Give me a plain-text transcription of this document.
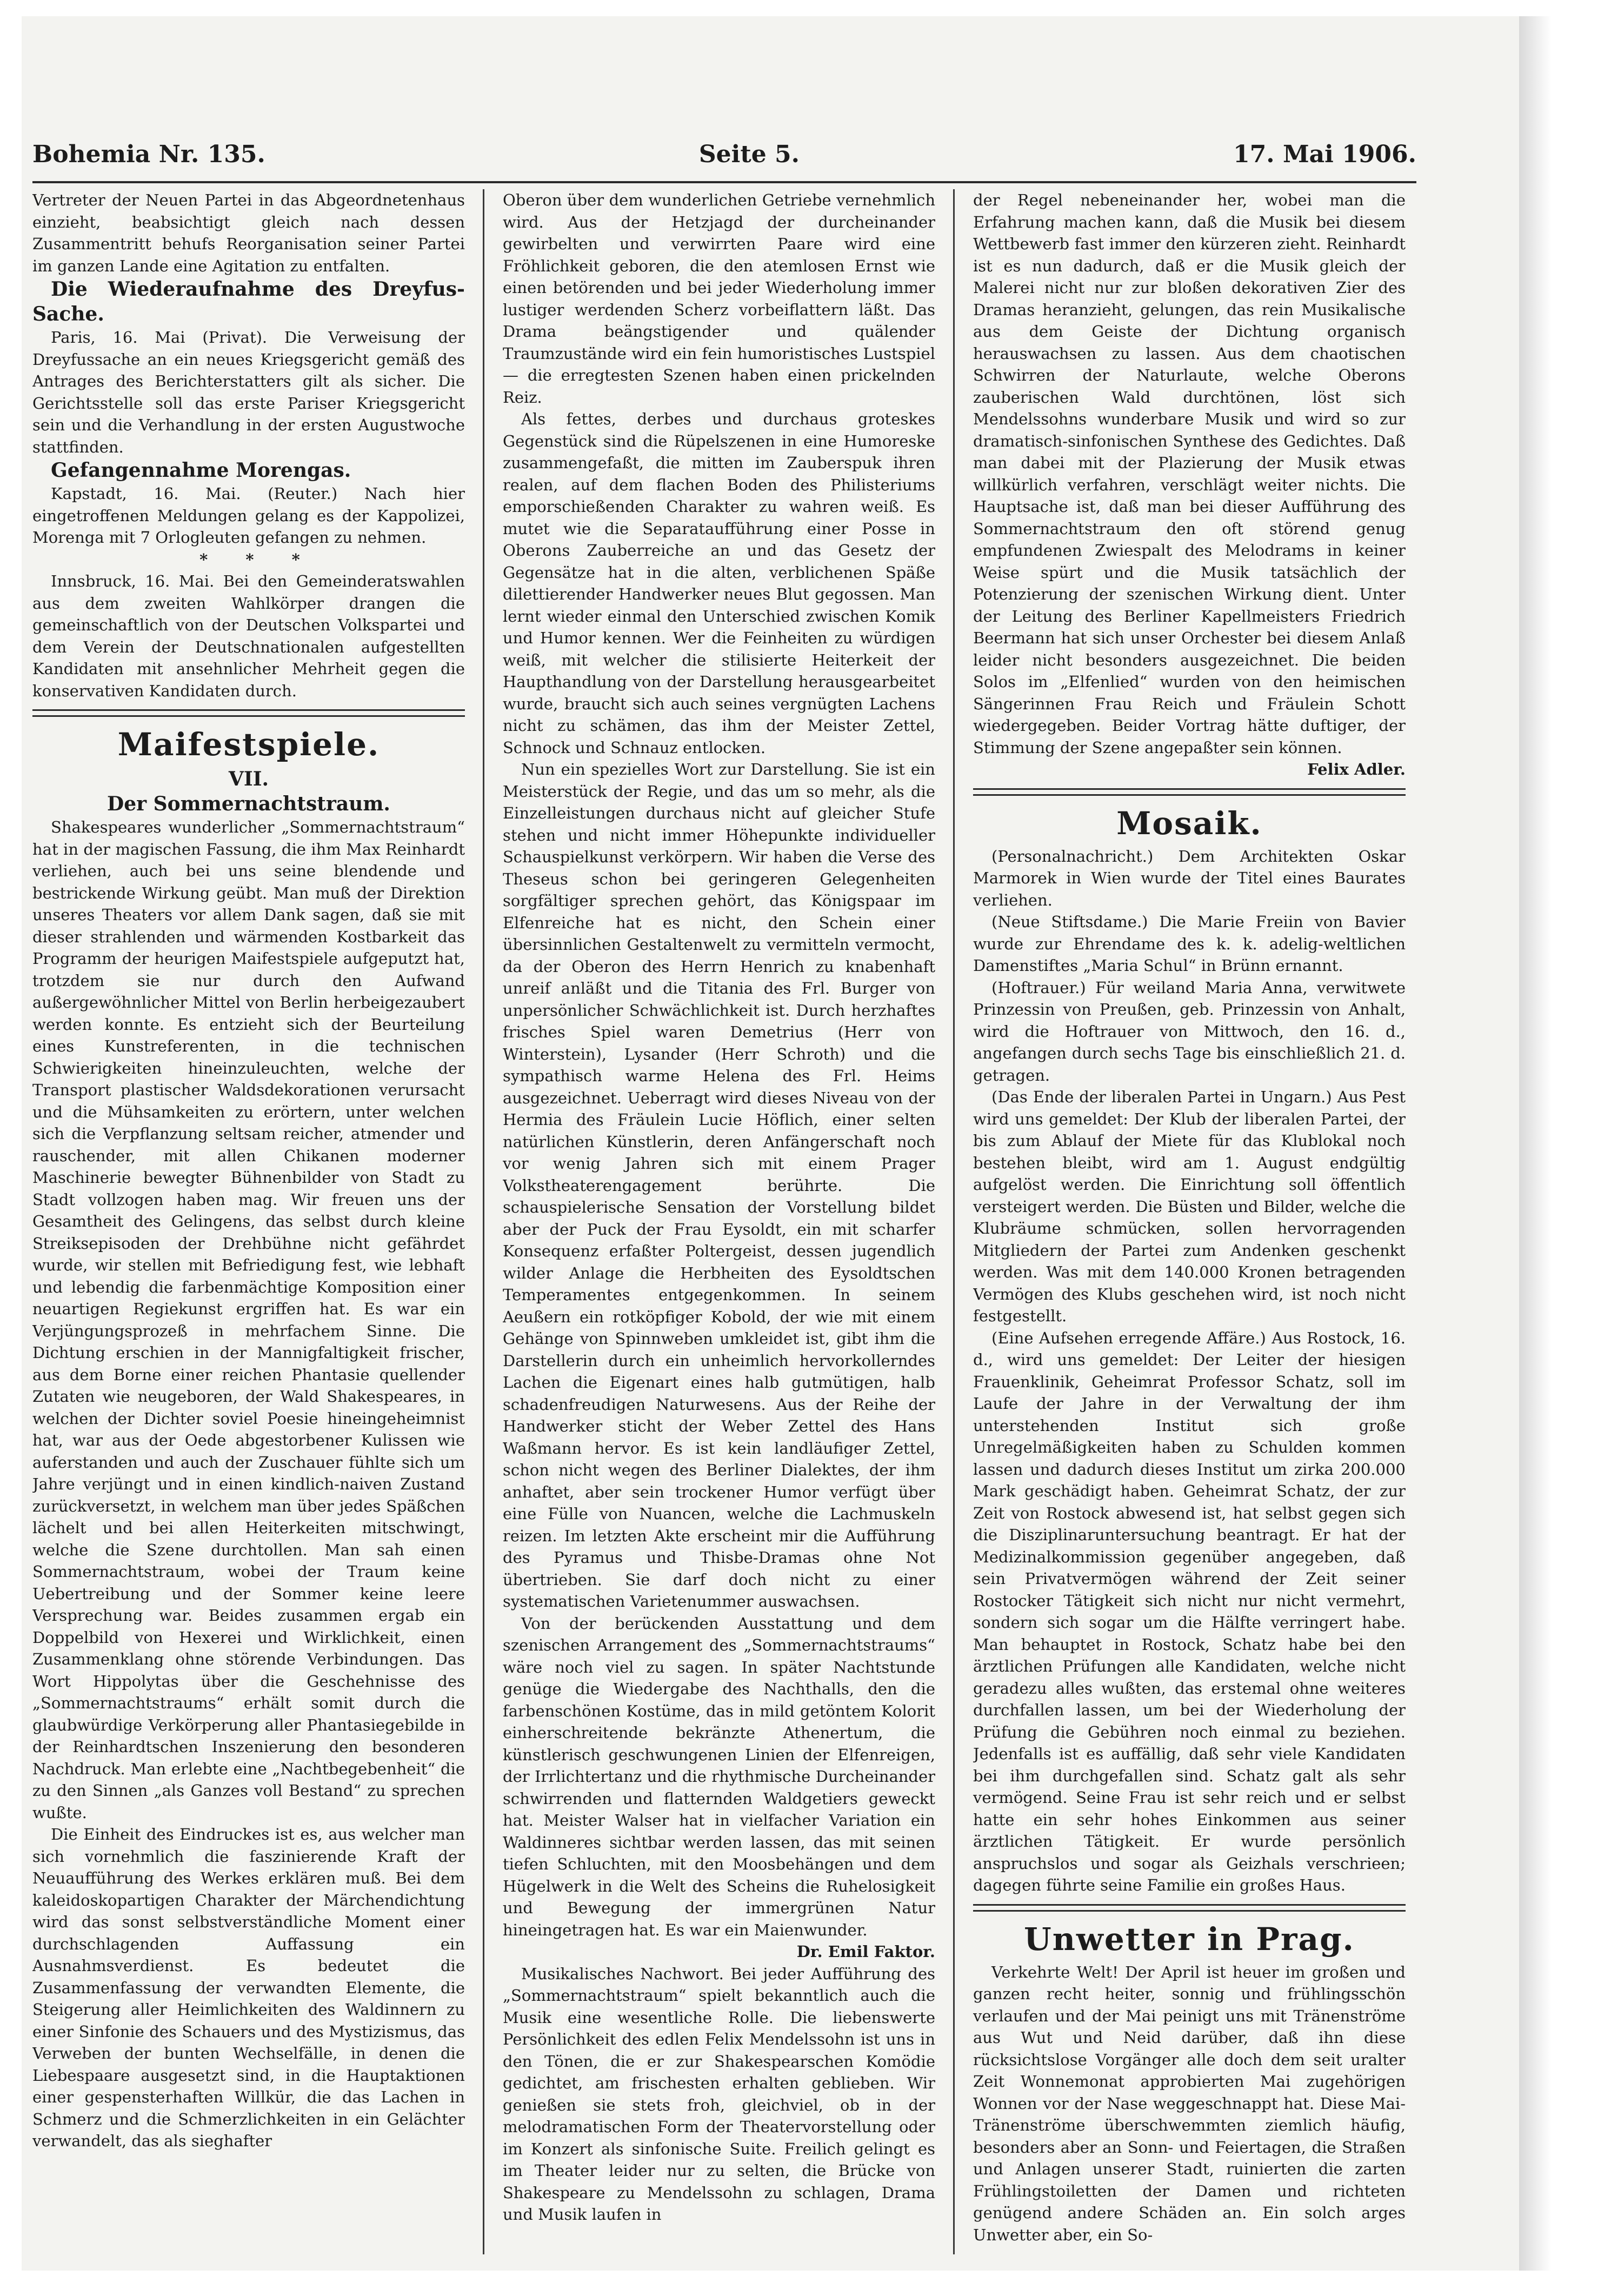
Bohemia Nr. 135.	Seite 5.	17. Mai 1906.

Vertreter der Neuen Partei in das Abgeordnetenhaus einzieht, beabsichtigt gleich nach dessen Zusammentritt behufs Reorganisation seiner Partei im ganzen Lande eine Agitation zu entfalten.

Die Wiederaufnahme des Dreyfus-Sache.

Paris, 16. Mai (Privat). Die Verweisung der Dreyfussache an ein neues Kriegsgericht gemäß des Antrages des Berichterstatters gilt als sicher. Die Gerichtsstelle soll das erste Pariser Kriegsgericht sein und die Verhandlung in der ersten Augustwoche stattfinden.

Gefangennahme Morengas.

Kapstadt, 16. Mai. (Reuter.) Nach hier eingetroffenen Meldungen gelang es der Kappolizei, Morenga mit 7 Orlogleuten gefangen zu nehmen.

* * *

Innsbruck, 16. Mai. Bei den Gemeinderatswahlen aus dem zweiten Wahlkörper drangen die gemeinschaftlich von der Deutschen Volkspartei und dem Verein der Deutschnationalen aufgestellten Kandidaten mit ansehnlicher Mehrheit gegen die konservativen Kandidaten durch.

Maifestspiele.
VII.
Der Sommernachtstraum.

Shakespeares wunderlicher „Sommernachtstraum“ hat in der magischen Fassung, die ihm Max Reinhardt verliehen, auch bei uns seine blendende und bestrickende Wirkung geübt. Man muß der Direktion unseres Theaters vor allem Dank sagen, daß sie mit dieser strahlenden und wärmenden Kostbarkeit das Programm der heurigen Maifestspiele aufgeputzt hat, trotzdem sie nur durch den Aufwand außergewöhnlicher Mittel von Berlin herbeigezaubert werden konnte. Es entzieht sich der Beurteilung eines Kunstreferenten, in die technischen Schwierigkeiten hineinzuleuchten, welche der Transport plastischer Waldsdekorationen verursacht und die Mühsamkeiten zu erörtern, unter welchen sich die Verpflanzung seltsam reicher, atmender und rauschender, mit allen Chikanen moderner Maschinerie bewegter Bühnenbilder von Stadt zu Stadt vollzogen haben mag. Wir freuen uns der Gesamtheit des Gelingens, das selbst durch kleine Streiksepisoden der Drehbühne nicht gefährdet wurde, wir stellen mit Befriedigung fest, wie lebhaft und lebendig die farbenmächtige Komposition einer neuartigen Regiekunst ergriffen hat. Es war ein Verjüngungsprozeß in mehrfachem Sinne. Die Dichtung erschien in der Mannigfaltigkeit frischer, aus dem Borne einer reichen Phantasie quellender Zutaten wie neugeboren, der Wald Shakespeares, in welchen der Dichter soviel Poesie hineingeheimnist hat, war aus der Oede abgestorbener Kulissen wie auferstanden und auch der Zuschauer fühlte sich um Jahre verjüngt und in einen kindlich-naiven Zustand zurückversetzt, in welchem man über jedes Späßchen lächelt und bei allen Heiterkeiten mitschwingt, welche die Szene durchtollen. Man sah einen Sommernachtstraum, wobei der Traum keine Uebertreibung und der Sommer keine leere Versprechung war. Beides zusammen ergab ein Doppelbild von Hexerei und Wirklichkeit, einen Zusammenklang ohne störende Verbindungen. Das Wort Hippolytas über die Geschehnisse des „Sommernachtstraums“ erhält somit durch die glaubwürdige Verkörperung aller Phantasiegebilde in der Reinhardtschen Inszenierung den besonderen Nachdruck. Man erlebte eine „Nachtbegebenheit“ die zu den Sinnen „als Ganzes voll Bestand“ zu sprechen wußte.

Die Einheit des Eindruckes ist es, aus welcher man sich vornehmlich die faszinierende Kraft der Neuaufführung des Werkes erklären muß. Bei dem kaleidoskopartigen Charakter der Märchendichtung wird das sonst selbstverständliche Moment einer durchschlagenden Auffassung ein Ausnahmsverdienst. Es bedeutet die Zusammenfassung der verwandten Elemente, die Steigerung aller Heimlichkeiten des Waldinnern zu einer Sinfonie des Schauers und des Mystizismus, das Verweben der bunten Wechselfälle, in denen die Liebespaare ausgesetzt sind, in die Hauptaktionen einer gespensterhaften Willkür, die das Lachen in Schmerz und die Schmerzlichkeiten in ein Gelächter verwandelt, das als sieghafter

Oberon über dem wunderlichen Getriebe vernehmlich wird. Aus der Hetzjagd der durcheinander gewirbelten und verwirrten Paare wird eine Fröhlichkeit geboren, die den atemlosen Ernst wie einen betörenden und bei jeder Wiederholung immer lustiger werdenden Scherz vorbeiflattern läßt. Das Drama beängstigender und quälender Traumzustände wird ein fein humoristisches Lustspiel — die erregtesten Szenen haben einen prickelnden Reiz.

Als fettes, derbes und durchaus groteskes Gegenstück sind die Rüpelszenen in eine Humoreske zusammengefaßt, die mitten im Zauberspuk ihren realen, auf dem flachen Boden des Philisteriums emporschießenden Charakter zu wahren weiß. Es mutet wie die Separataufführung einer Posse in Oberons Zauberreiche an und das Gesetz der Gegensätze hat in die alten, verblichenen Späße dilettierender Handwerker neues Blut gegossen. Man lernt wieder einmal den Unterschied zwischen Komik und Humor kennen. Wer die Feinheiten zu würdigen weiß, mit welcher die stilisierte Heiterkeit der Haupthandlung von der Darstellung herausgearbeitet wurde, braucht sich auch seines vergnügten Lachens nicht zu schämen, das ihm der Meister Zettel, Schnock und Schnauz entlocken.

Nun ein spezielles Wort zur Darstellung. Sie ist ein Meisterstück der Regie, und das um so mehr, als die Einzelleistungen durchaus nicht auf gleicher Stufe stehen und nicht immer Höhepunkte individueller Schauspielkunst verkörpern. Wir haben die Verse des Theseus schon bei geringeren Gelegenheiten sorgfältiger sprechen gehört, das Königspaar im Elfenreiche hat es nicht, den Schein einer übersinnlichen Gestaltenwelt zu vermitteln vermocht, da der Oberon des Herrn Henrich zu knabenhaft unreif anläßt und die Titania des Frl. Burger von unpersönlicher Schwächlichkeit ist. Durch herzhaftes frisches Spiel waren Demetrius (Herr von Winterstein), Lysander (Herr Schroth) und die sympathisch warme Helena des Frl. Heims ausgezeichnet. Ueberragt wird dieses Niveau von der Hermia des Fräulein Lucie Höflich, einer selten natürlichen Künstlerin, deren Anfängerschaft noch vor wenig Jahren sich mit einem Prager Volkstheaterengagement berührte. Die schauspielerische Sensation der Vorstellung bildet aber der Puck der Frau Eysoldt, ein mit scharfer Konsequenz erfaßter Poltergeist, dessen jugendlich wilder Anlage die Herbheiten des Eysoldtschen Temperamentes entgegenkommen. In seinem Aeußern ein rotköpfiger Kobold, der wie mit einem Gehänge von Spinnweben umkleidet ist, gibt ihm die Darstellerin durch ein unheimlich hervorkollerndes Lachen die Eigenart eines halb gutmütigen, halb schadenfreudigen Naturwesens. Aus der Reihe der Handwerker sticht der Weber Zettel des Hans Waßmann hervor. Es ist kein landläufiger Zettel, schon nicht wegen des Berliner Dialektes, der ihm anhaftet, aber sein trockener Humor verfügt über eine Fülle von Nuancen, welche die Lachmuskeln reizen. Im letzten Akte erscheint mir die Aufführung des Pyramus und Thisbe-Dramas ohne Not übertrieben. Sie darf doch nicht zu einer systematischen Varietenummer auswachsen.

Von der berückenden Ausstattung und dem szenischen Arrangement des „Sommernachtstraums“ wäre noch viel zu sagen. In später Nachtstunde genüge die Wiedergabe des Nachthalls, den die farbenschönen Kostüme, das in mild getöntem Kolorit einherschreitende bekränzte Athenertum, die künstlerisch geschwungenen Linien der Elfenreigen, der Irrlichtertanz und die rhythmische Durcheinander schwirrenden und flatternden Waldgetiers geweckt hat. Meister Walser hat in vielfacher Variation ein Waldinneres sichtbar werden lassen, das mit seinen tiefen Schluchten, mit den Moosbehängen und dem Hügelwerk in die Welt des Scheins die Ruhelosigkeit und Bewegung der immergrünen Natur hineingetragen hat. Es war ein Maienwunder.

Dr. Emil Faktor.

Musikalisches Nachwort. Bei jeder Aufführung des „Sommernachtstraum“ spielt bekanntlich auch die Musik eine wesentliche Rolle. Die liebenswerte Persönlichkeit des edlen Felix Mendelssohn ist uns in den Tönen, die er zur Shakespearschen Komödie gedichtet, am frischesten erhalten geblieben. Wir genießen sie stets froh, gleichviel, ob in der melodramatischen Form der Theatervorstellung oder im Konzert als sinfonische Suite. Freilich gelingt es im Theater leider nur zu selten, die Brücke von Shakespeare zu Mendelssohn zu schlagen, Drama und Musik laufen in

der Regel nebeneinander her, wobei man die Erfahrung machen kann, daß die Musik bei diesem Wettbewerb fast immer den kürzeren zieht. Reinhardt ist es nun dadurch, daß er die Musik gleich der Malerei nicht nur zur bloßen dekorativen Zier des Dramas heranzieht, gelungen, das rein Musikalische aus dem Geiste der Dichtung organisch herauswachsen zu lassen. Aus dem chaotischen Schwirren der Naturlaute, welche Oberons zauberischen Wald durchtönen, löst sich Mendelssohns wunderbare Musik und wird so zur dramatisch-sinfonischen Synthese des Gedichtes. Daß man dabei mit der Plazierung der Musik etwas willkürlich verfahren, verschlägt weiter nichts. Die Hauptsache ist, daß man bei dieser Aufführung des Sommernachtstraum den oft störend genug empfundenen Zwiespalt des Melodrams in keiner Weise spürt und die Musik tatsächlich der Potenzierung der szenischen Wirkung dient. Unter der Leitung des Berliner Kapellmeisters Friedrich Beermann hat sich unser Orchester bei diesem Anlaß leider nicht besonders ausgezeichnet. Die beiden Solos im „Elfenlied“ wurden von den heimischen Sängerinnen Frau Reich und Fräulein Schott wiedergegeben. Beider Vortrag hätte duftiger, der Stimmung der Szene angepaßter sein können.

Felix Adler.

Mosaik.

(Personalnachricht.) Dem Architekten Oskar Marmorek in Wien wurde der Titel eines Baurates verliehen.

(Neue Stiftsdame.) Die Marie Freiin von Bavier wurde zur Ehrendame des k. k. adelig-weltlichen Damenstiftes „Maria Schul“ in Brünn ernannt.

(Hoftrauer.) Für weiland Maria Anna, verwitwete Prinzessin von Preußen, geb. Prinzessin von Anhalt, wird die Hoftrauer von Mittwoch, den 16. d., angefangen durch sechs Tage bis einschließlich 21. d. getragen.

(Das Ende der liberalen Partei in Ungarn.) Aus Pest wird uns gemeldet: Der Klub der liberalen Partei, der bis zum Ablauf der Miete für das Klublokal noch bestehen bleibt, wird am 1. August endgültig aufgelöst werden. Die Einrichtung soll öffentlich versteigert werden. Die Büsten und Bilder, welche die Klubräume schmücken, sollen hervorragenden Mitgliedern der Partei zum Andenken geschenkt werden. Was mit dem 140.000 Kronen betragenden Vermögen des Klubs geschehen wird, ist noch nicht festgestellt.

(Eine Aufsehen erregende Affäre.) Aus Rostock, 16. d., wird uns gemeldet: Der Leiter der hiesigen Frauenklinik, Geheimrat Professor Schatz, soll im Laufe der Jahre in der Verwaltung der ihm unterstehenden Institut sich große Unregelmäßigkeiten haben zu Schulden kommen lassen und dadurch dieses Institut um zirka 200.000 Mark geschädigt haben. Geheimrat Schatz, der zur Zeit von Rostock abwesend ist, hat selbst gegen sich die Disziplinaruntersuchung beantragt. Er hat der Medizinalkommission gegenüber angegeben, daß sein Privatvermögen während der Zeit seiner Rostocker Tätigkeit sich nicht nur nicht vermehrt, sondern sich sogar um die Hälfte verringert habe. Man behauptet in Rostock, Schatz habe bei den ärztlichen Prüfungen alle Kandidaten, welche nicht geradezu alles wußten, das erstemal ohne weiteres durchfallen lassen, um bei der Wiederholung der Prüfung die Gebühren noch einmal zu beziehen. Jedenfalls ist es auffällig, daß sehr viele Kandidaten bei ihm durchgefallen sind. Schatz galt als sehr vermögend. Seine Frau ist sehr reich und er selbst hatte ein sehr hohes Einkommen aus seiner ärztlichen Tätigkeit. Er wurde persönlich anspruchslos und sogar als Geizhals verschrieen; dagegen führte seine Familie ein großes Haus.

Unwetter in Prag.

Verkehrte Welt! Der April ist heuer im großen und ganzen recht heiter, sonnig und frühlingsschön verlaufen und der Mai peinigt uns mit Tränenströme aus Wut und Neid darüber, daß ihn diese rücksichtslose Vorgänger alle doch dem seit uralter Zeit Wonnemonat approbierten Mai zugehörigen Wonnen vor der Nase weggeschnappt hat. Diese Mai-Tränenströme überschwemmten ziemlich häufig, besonders aber an Sonn- und Feiertagen, die Straßen und Anlagen unserer Stadt, ruinierten die zarten Frühlingstoiletten der Damen und richteten genügend andere Schäden an. Ein solch arges Unwetter aber, ein So-
